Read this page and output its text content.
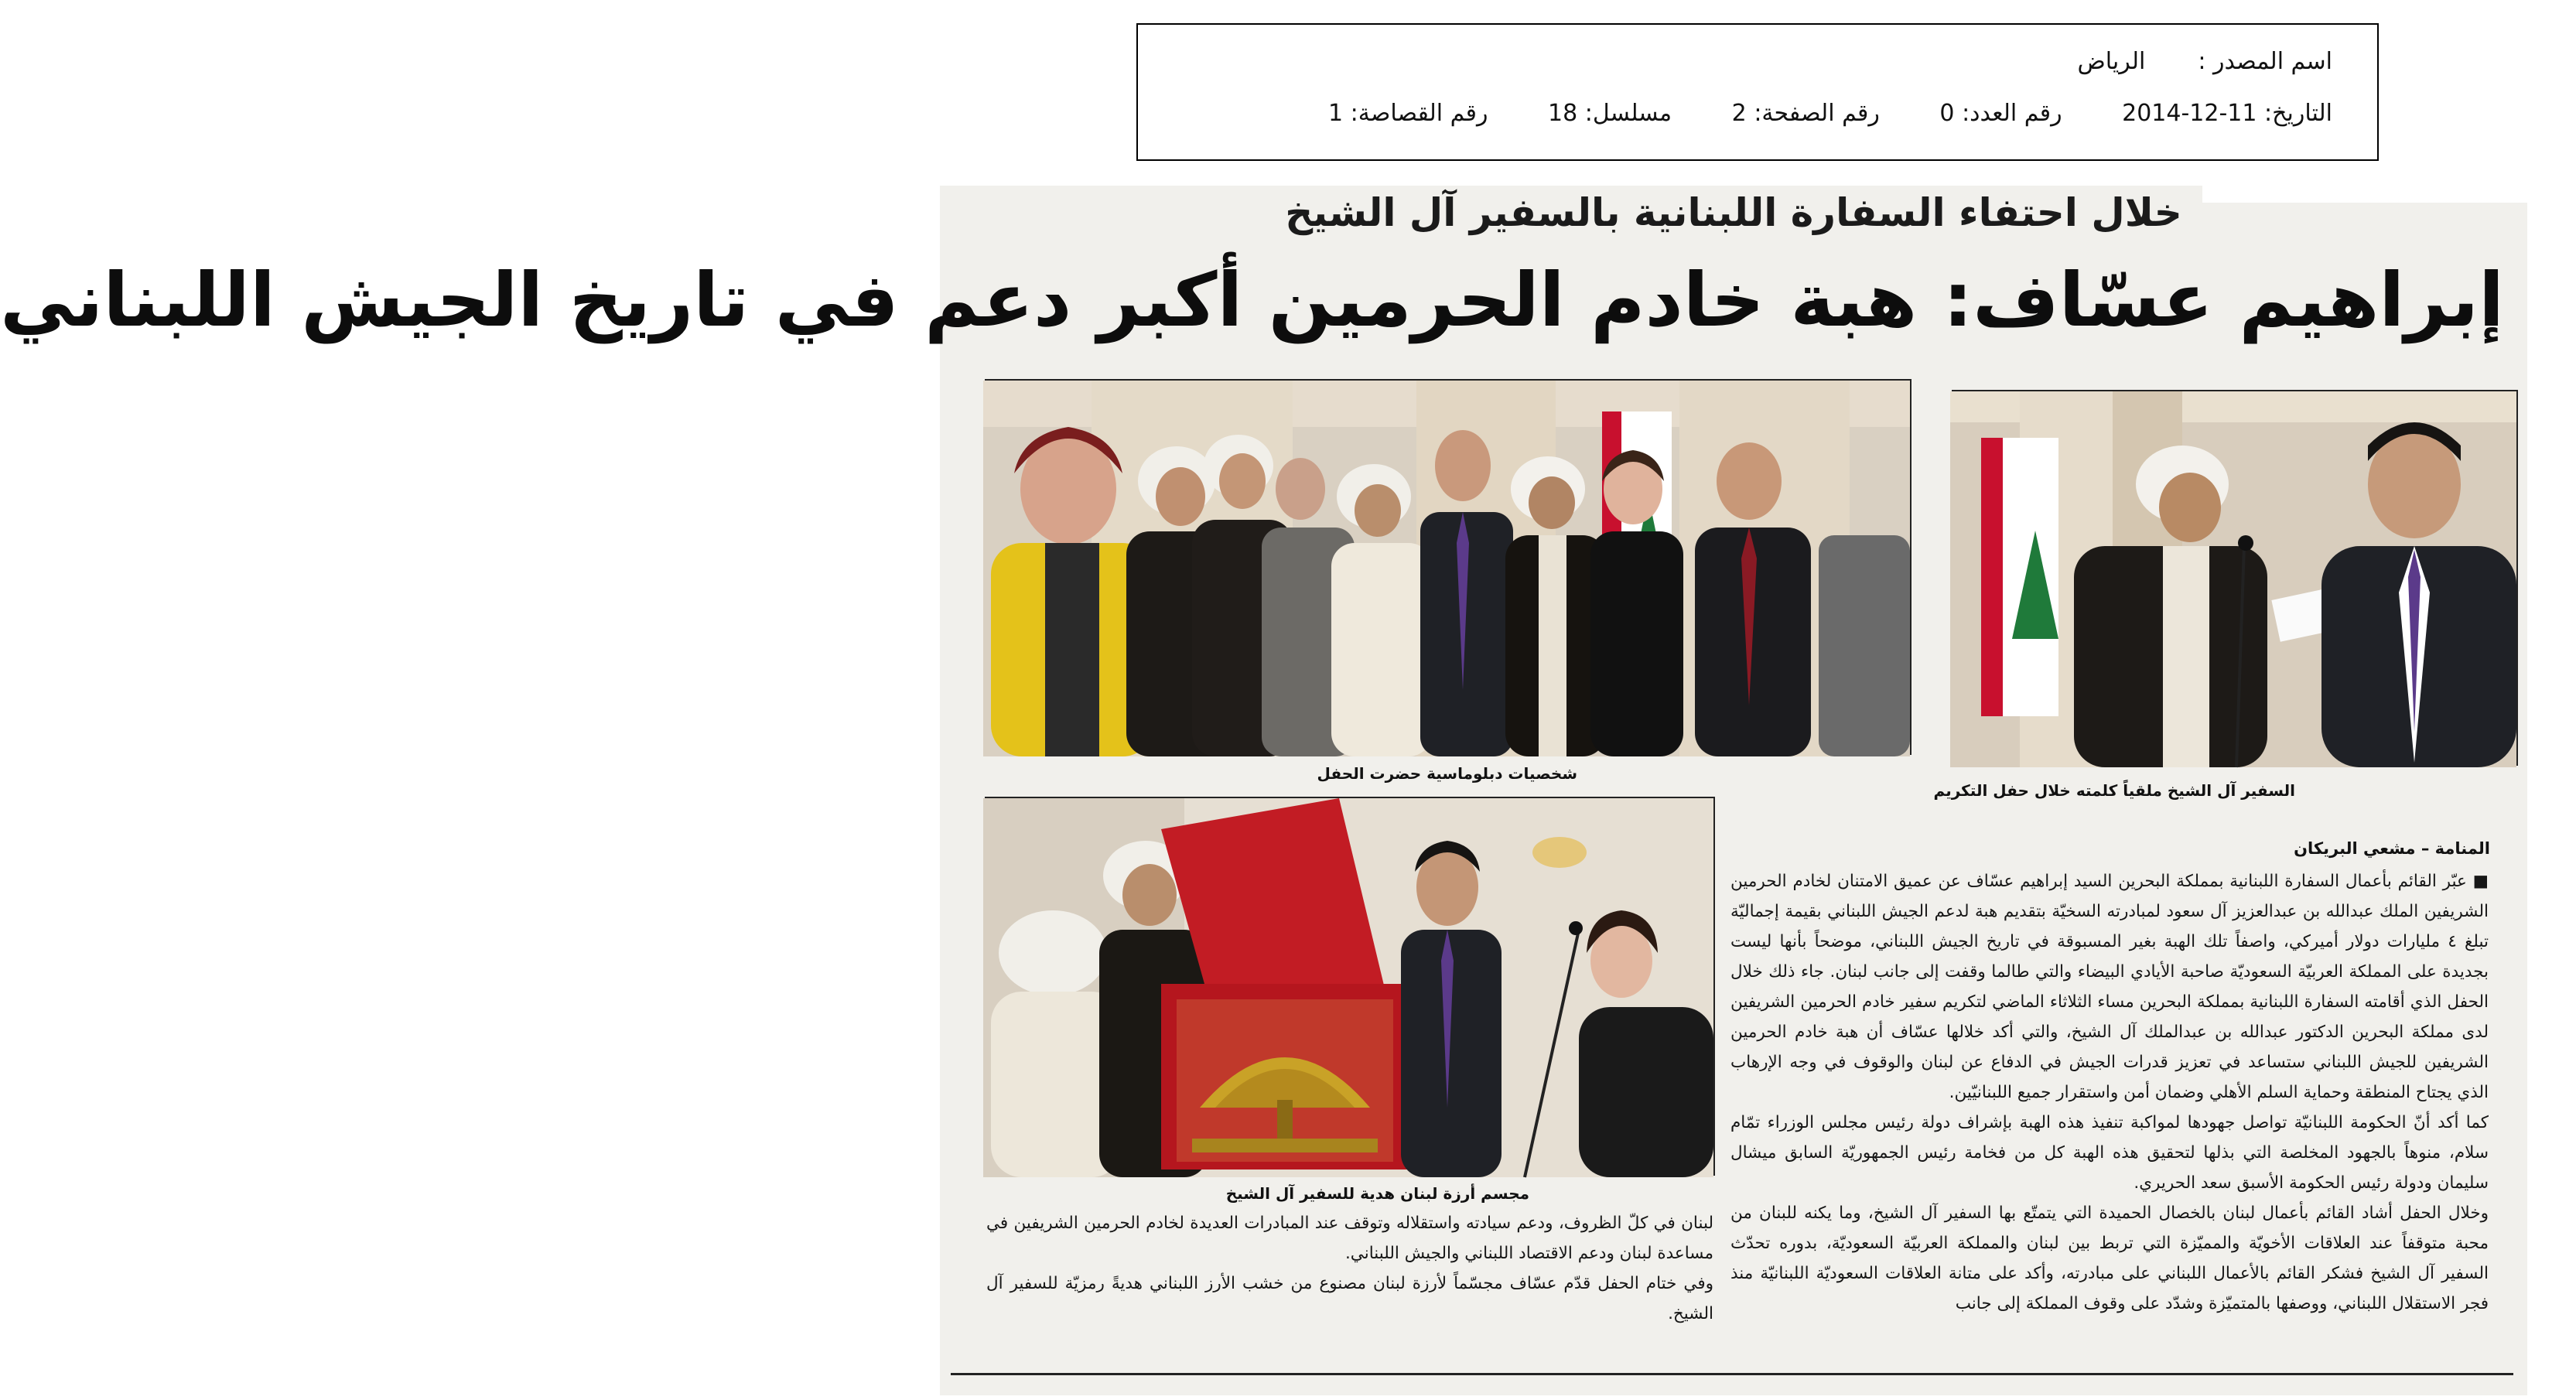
اسم المصدر :الرياض
التاريخ: 2014-12-11 رقم العدد: 0 رقم الصفحة: 2 مسلسل: 18 رقم القصاصة: 1
خلال احتفاء السفارة اللبنانية بالسفير آل الشيخ
إبراهيم عسّاف: هبة خادم الحرمين أكبر دعم في تاريخ الجيش اللبناني
السفير آل الشيخ ملقياً كلمته خلال حفل التكريم
شخصيات دبلوماسية حضرت الحفل
مجسم أرزة لبنان هدية للسفير آل الشيخ
المنامة – مشعي البريكان

■ عبّر القائم بأعمال السفارة اللبنانية بمملكة البحرين السيد إبراهيم عسّاف عن عميق الامتنان لخادم الحرمين الشريفين الملك عبدالله بن عبدالعزيز آل سعود لمبادرته السخيّة بتقديم هبة لدعم الجيش اللبناني بقيمة إجماليّة تبلغ ٤ مليارات دولار أميركي، واصفاً تلك الهبة بغير المسبوقة في تاريخ الجيش اللبناني، موضحاً بأنها ليست بجديدة على المملكة العربيّة السعوديّة صاحبة الأيادي البيضاء والتي طالما وقفت إلى جانب لبنان. جاء ذلك خلال الحفل الذي أقامته السفارة اللبنانية بمملكة البحرين مساء الثلاثاء الماضي لتكريم سفير خادم الحرمين الشريفين لدى مملكة البحرين الدكتور عبدالله بن عبدالملك آل الشيخ، والتي أكد خلالها عسّاف أن هبة خادم الحرمين الشريفين للجيش اللبناني ستساعد في تعزيز قدرات الجيش في الدفاع عن لبنان والوقوف في وجه الإرهاب الذي يجتاح المنطقة وحماية السلم الأهلي وضمان أمن واستقرار جميع اللبنانيّين.

كما أكد أنّ الحكومة اللبنانيّة تواصل جهودها لمواكبة تنفيذ هذه الهبة بإشراف دولة رئيس مجلس الوزراء تمّام سلام، منوهاً بالجهود المخلصة التي بذلها لتحقيق هذه الهبة كل من فخامة رئيس الجمهوريّة السابق ميشال سليمان ودولة رئيس الحكومة الأسبق سعد الحريري.

وخلال الحفل أشاد القائم بأعمال لبنان بالخصال الحميدة التي يتمتّع بها السفير آل الشيخ، وما يكنه للبنان من محبة متوقفاً عند العلاقات الأخويّة والمميّزة التي تربط بين لبنان والمملكة العربيّة السعوديّة، بدوره تحدّث السفير آل الشيخ فشكر القائم بالأعمال اللبناني على مبادرته، وأكد على متانة العلاقات السعوديّة اللبنانيّة منذ فجر الاستقلال اللبناني، ووصفها بالمتميّزة وشدّد على وقوف المملكة إلى جانب

لبنان في كلّ الظروف، ودعم سيادته واستقلاله وتوقف عند المبادرات العديدة لخادم الحرمين الشريفين في مساعدة لبنان ودعم الاقتصاد اللبناني والجيش اللبناني.

وفي ختام الحفل قدّم عسّاف مجسّماً لأرزة لبنان مصنوع من خشب الأرز اللبناني هديةً رمزيّة للسفير آل الشيخ.
